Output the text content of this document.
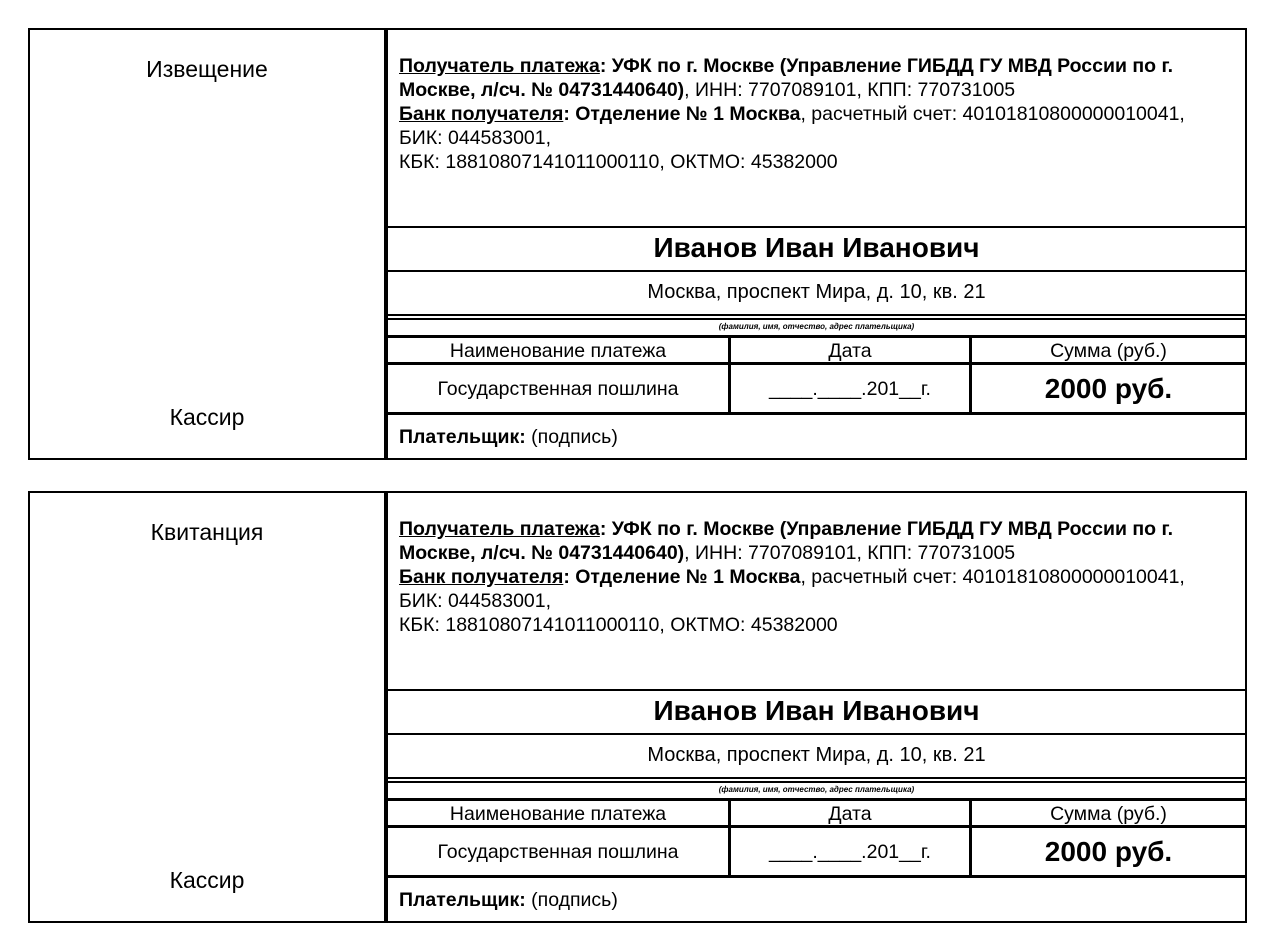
Извещение
Кассир
Получатель платежа: УФК по г. Москве (Управление ГИБДД ГУ МВД России по г. Москве, л/сч. № 04731440640), ИНН: 7707089101, КПП: 770731005
Банк получателя: Отделение № 1 Москва, расчетный счет: 40101810800000010041, БИК: 044583001,
КБК: 18810807141011000110, ОКТМО: 45382000
Иванов Иван Иванович
Москва, проспект Мира, д. 10, кв. 21
(фамилия, имя, отчество, адрес плательщика)
Наименование платежа	Дата	Сумма (руб.)
Государственная пошлина	____.____.201__г.	2000 руб.
Плательщик: (подпись)
Квитанция
Кассир
Получатель платежа: УФК по г. Москве (Управление ГИБДД ГУ МВД России по г. Москве, л/сч. № 04731440640), ИНН: 7707089101, КПП: 770731005
Банк получателя: Отделение № 1 Москва, расчетный счет: 40101810800000010041, БИК: 044583001,
КБК: 18810807141011000110, ОКТМО: 45382000
Иванов Иван Иванович
Москва, проспект Мира, д. 10, кв. 21
(фамилия, имя, отчество, адрес плательщика)
Наименование платежа	Дата	Сумма (руб.)
Государственная пошлина	____.____.201__г.	2000 руб.
Плательщик: (подпись)
